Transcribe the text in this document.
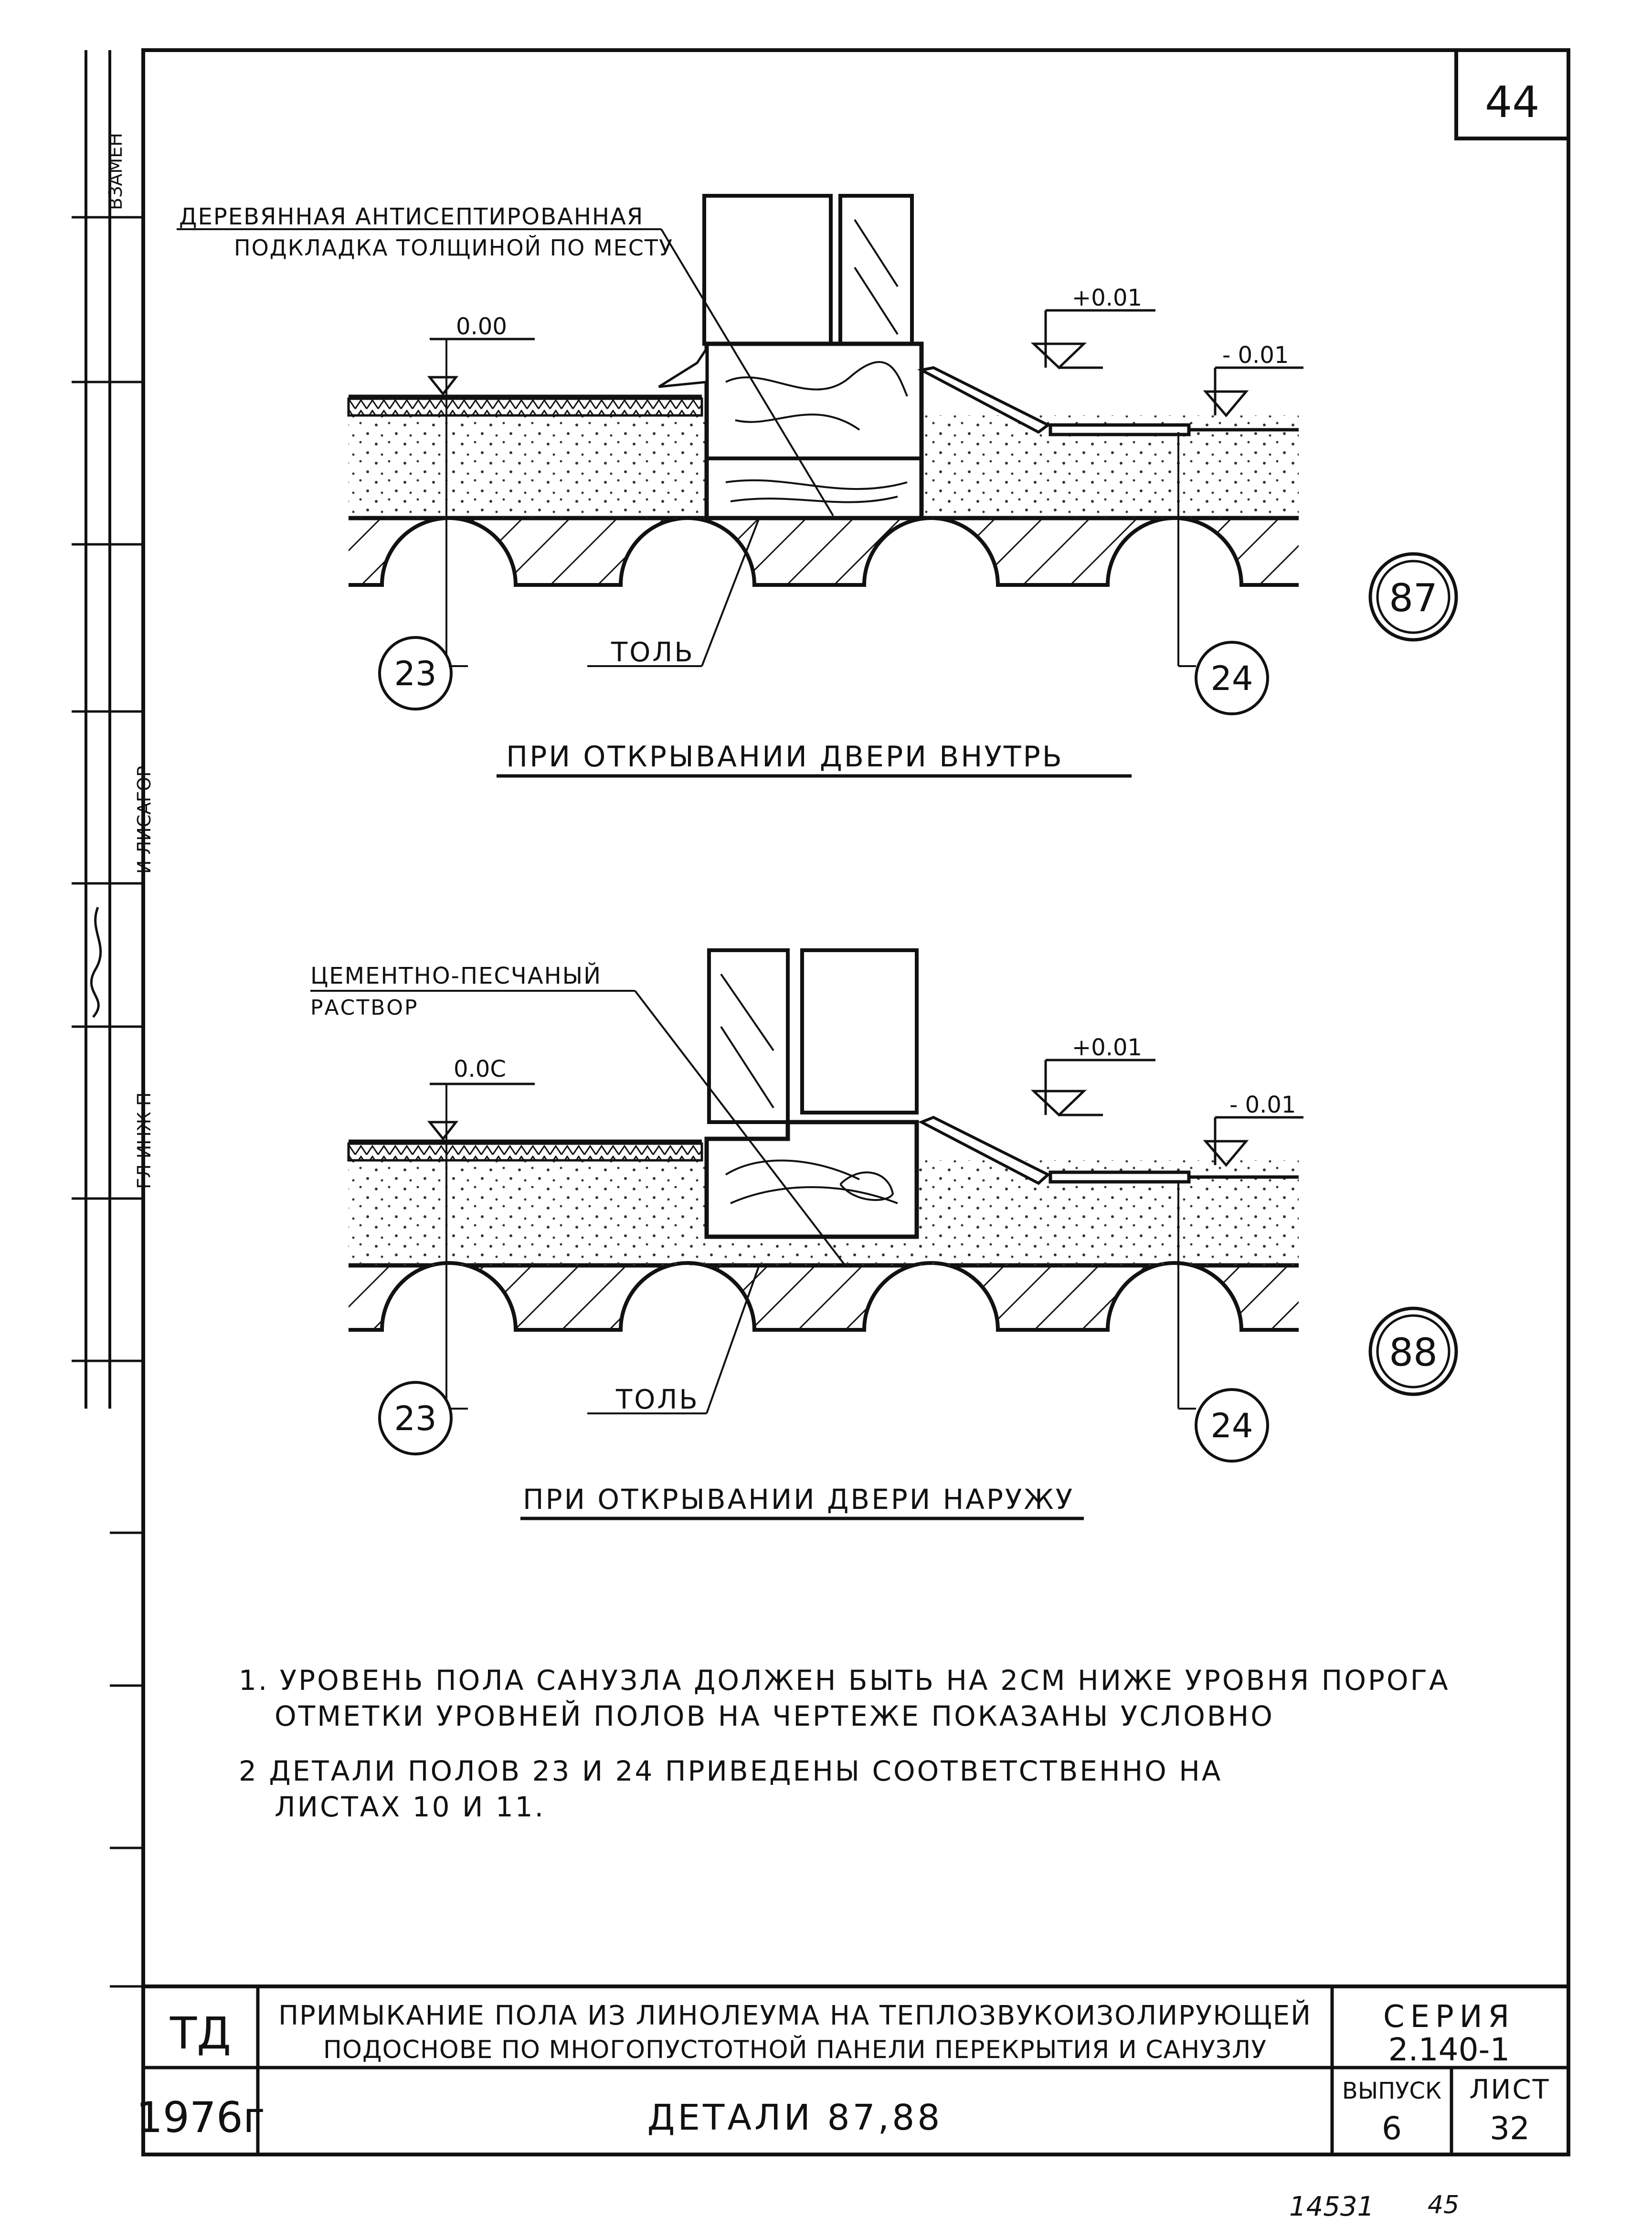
44
ДЕРЕВЯННАЯ АНТИСЕПТИРОВАННАЯ
ПОДКЛАДКА ТОЛЩИНОЙ ПО МЕСТУ
0.00
+0.01
- 0.01
ТОЛЬ
23	24
87
ПРИ ОТКРЫВАНИИ ДВЕРИ ВНУТРЬ
ЦЕМЕНТНО-ПЕСЧАНЫЙ
РАСТВОР
0.0С
+0.01
- 0.01
ТОЛЬ
23	24
88
ПРИ ОТКРЫВАНИИ ДВЕРИ НАРУЖУ
ТД
1976г
ПРИМЫКАНИЕ ПОЛА ИЗ ЛИНОЛЕУМА НА ТЕПЛОЗВУКОИЗОЛИРУЮЩЕЙ
ПОДОСНОВЕ ПО МНОГОПУСТОТНОЙ ПАНЕЛИ ПЕРЕКРЫТИЯ И САНУЗЛУ
ДЕТАЛИ 87,88
СЕРИЯ
2.140-1
ВЫПУСК
6
ЛИСТ
32
14531 45
ВЗАМЕН
ГЛ ИНЖ П
И ЛИСАГОР
1. УРОВЕНЬ ПОЛА САНУЗЛА ДОЛЖЕН БЫТЬ НА 2СМ НИЖЕ УРОВНЯ ПОРОГА
ОТМЕТКИ УРОВНЕЙ ПОЛОВ НА ЧЕРТЕЖЕ ПОКАЗАНЫ УСЛОВНО
2 ДЕТАЛИ ПОЛОВ 23 И 24 ПРИВЕДЕНЫ СООТВЕТСТВЕННО НА
ЛИСТАХ 10 И 11.
